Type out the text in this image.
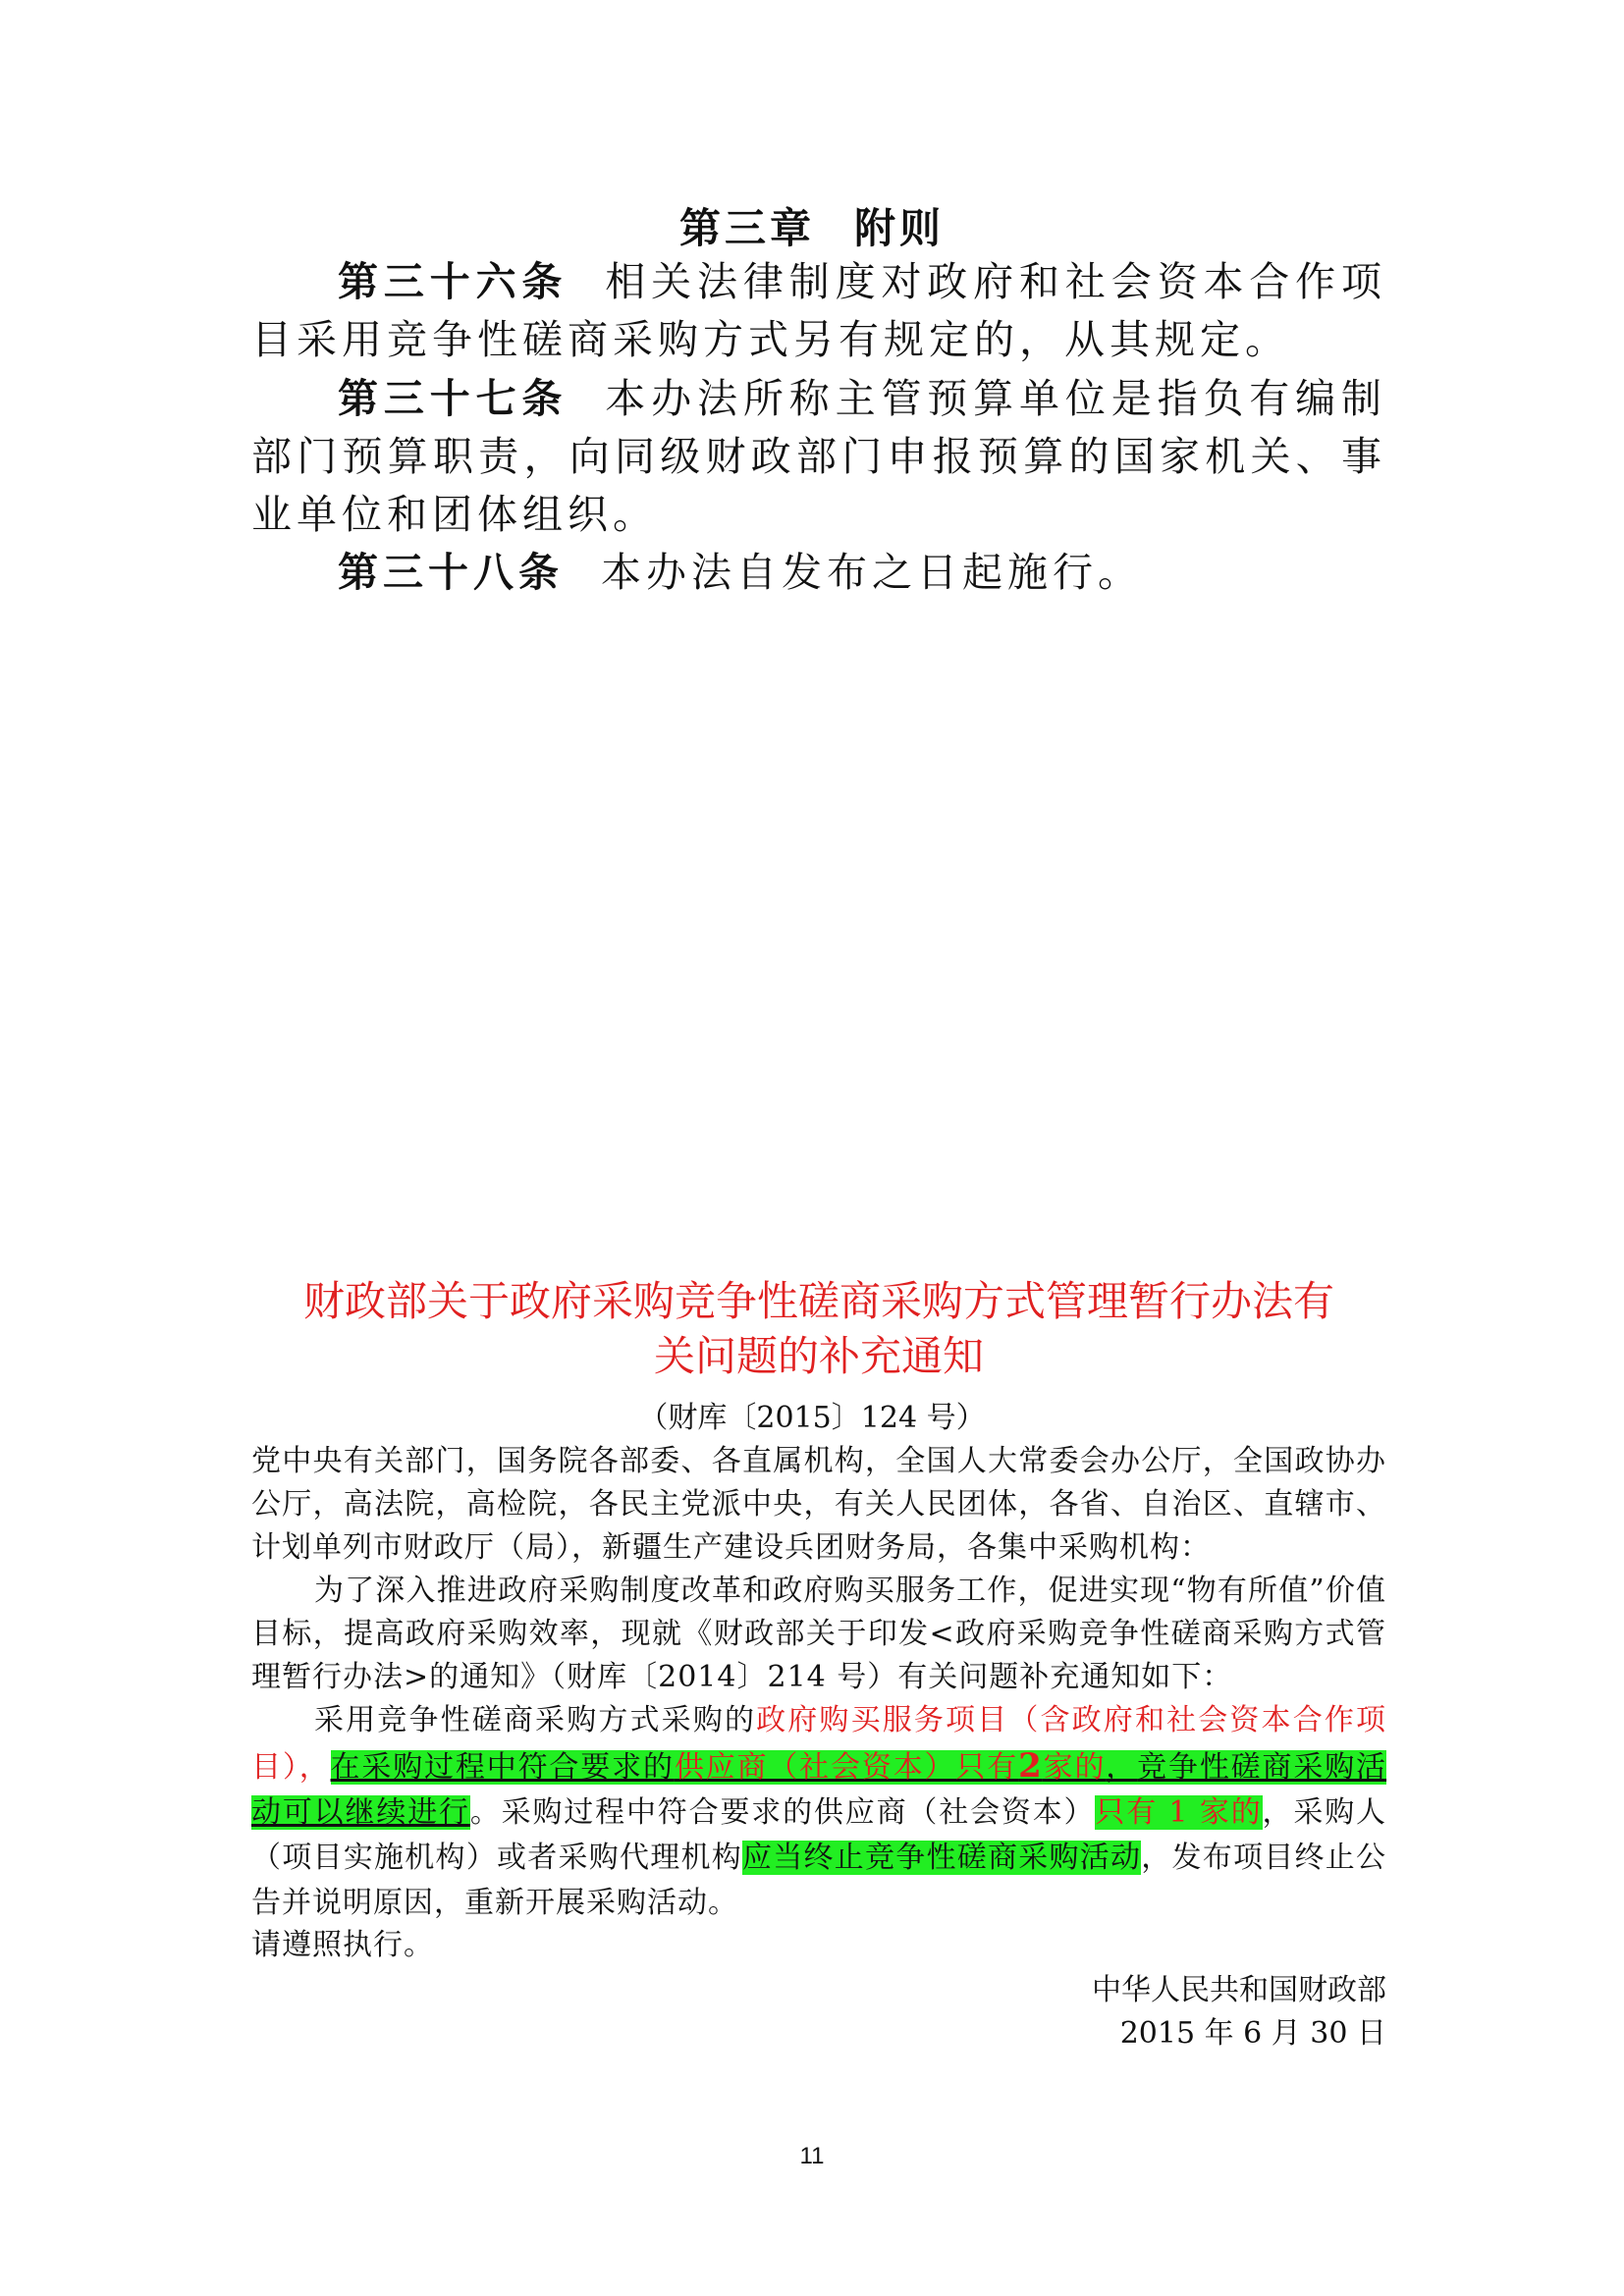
第三章 附则
第三十六条 相关法律制度对政府和社会资本合作项目采用竞争性磋商采购方式另有规定的，从其规定。
第三十七条 本办法所称主管预算单位是指负有编制部门预算职责，向同级财政部门申报预算的国家机关、事业单位和团体组织。
第三十八条 本办法自发布之日起施行。
财政部关于政府采购竞争性磋商采购方式管理暂行办法有
关问题的补充通知
（财库〔2015〕124 号）
党中央有关部门，国务院各部委、各直属机构，全国人大常委会办公厅，全国政协办公厅，高法院，高检院，各民主党派中央，有关人民团体，各省、自治区、直辖市、计划单列市财政厅（局），新疆生产建设兵团财务局，各集中采购机构：
为了深入推进政府采购制度改革和政府购买服务工作，促进实现“物有所值”价值目标，提高政府采购效率，现就《财政部关于印发<政府采购竞争性磋商采购方式管理暂行办法>的通知》（财库〔2014〕214 号）有关问题补充通知如下：
采用竞争性磋商采购方式采购的政府购买服务项目（含政府和社会资本合作项目），在采购过程中符合要求的供应商（社会资本）只有2家的，竞争性磋商采购活动可以继续进行。采购过程中符合要求的供应商（社会资本）只有 1 家的，采购人（项目实施机构）或者采购代理机构应当终止竞争性磋商采购活动，发布项目终止公告并说明原因，重新开展采购活动。
请遵照执行。
中华人民共和国财政部
2015 年 6 月 30 日
11
